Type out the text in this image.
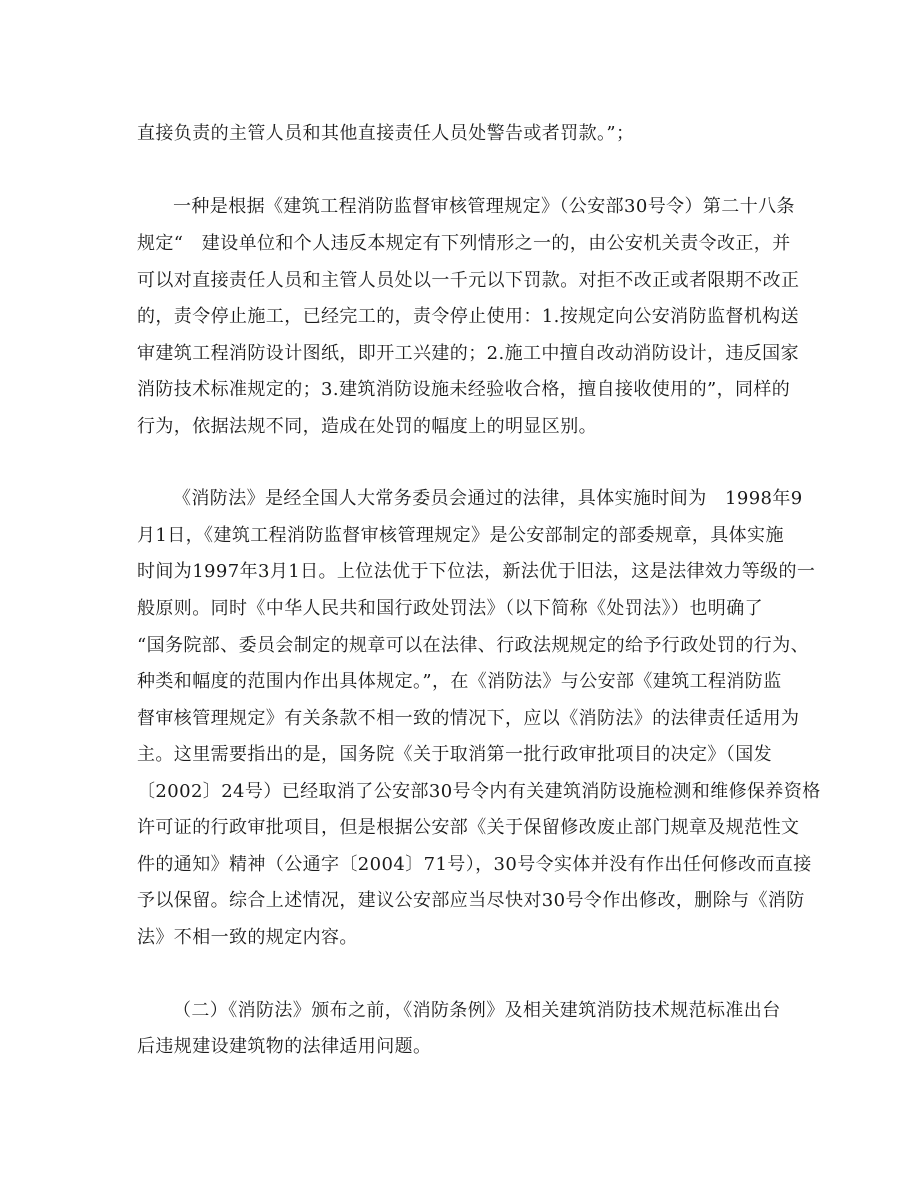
直接负责的主管人员和其他直接责任人员处警告或者罚款。”；
一种是根据《建筑工程消防监督审核管理规定》（公安部30号令）第二十八条
规定“　建设单位和个人违反本规定有下列情形之一的，由公安机关责令改正，并
可以对直接责任人员和主管人员处以一千元以下罚款。对拒不改正或者限期不改正
的，责令停止施工，已经完工的，责令停止使用：1.按规定向公安消防监督机构送
审建筑工程消防设计图纸，即开工兴建的；2.施工中擅自改动消防设计，违反国家
消防技术标准规定的；3.建筑消防设施未经验收合格，擅自接收使用的”，同样的
行为，依据法规不同，造成在处罚的幅度上的明显区别。
《消防法》是经全国人大常务委员会通过的法律，具体实施时间为　1998年9
月1日，《建筑工程消防监督审核管理规定》是公安部制定的部委规章，具体实施
时间为1997年3月1日。上位法优于下位法，新法优于旧法，这是法律效力等级的一
般原则。同时《中华人民共和国行政处罚法》（以下简称《处罚法》）也明确了
“国务院部、委员会制定的规章可以在法律、行政法规规定的给予行政处罚的行为、
种类和幅度的范围内作出具体规定。”，在《消防法》与公安部《建筑工程消防监
督审核管理规定》有关条款不相一致的情况下，应以《消防法》的法律责任适用为
主。这里需要指出的是，国务院《关于取消第一批行政审批项目的决定》（国发
〔2002〕24号）已经取消了公安部30号令内有关建筑消防设施检测和维修保养资格
许可证的行政审批项目，但是根据公安部《关于保留修改废止部门规章及规范性文
件的通知》精神（公通字〔2004〕71号），30号令实体并没有作出任何修改而直接
予以保留。综合上述情况，建议公安部应当尽快对30号令作出修改，删除与《消防
法》不相一致的规定内容。
（二）《消防法》颁布之前，《消防条例》及相关建筑消防技术规范标准出台
后违规建设建筑物的法律适用问题。
